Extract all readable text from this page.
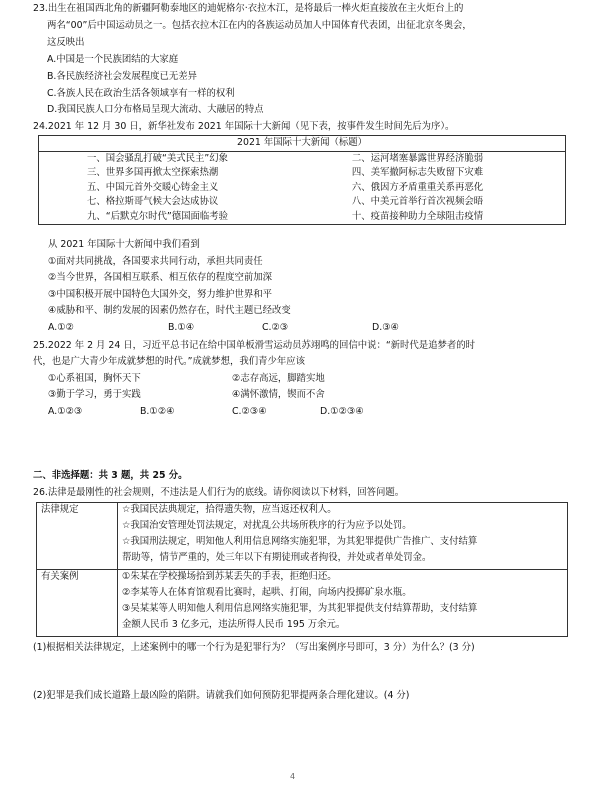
23.出生在祖国西北角的新疆阿勒泰地区的迪妮格尔·衣拉木江，是将最后一棒火炬直接放在主火炬台上的
两名“00”后中国运动员之一。包括衣拉木江在内的各族运动员加人中国体育代表团，出征北京冬奥会，
这反映出
A.中国是一个民族团结的大家庭
B.各民族经济社会发展程度已无差异
C.各族人民在政治生活各领域享有一样的权利
D.我国民族人口分布格局呈现大流动、大融居的特点
24.2021 年 12 月 30 日，新华社发布 2021 年国际十大新闻（见下表，按事件发生时间先后为序）。
2021 年国际十大新闻（标题）	
一、国会骚乱打破“美式民主”幻象	二、运河堵塞暴露世界经济脆弱
三、世界多国再掀太空探索热潮	四、美军撤阿标志失败留下灾难
五、中国元首外交暖心铸金主义	六、俄因方矛盾重重关系再恶化
七、格拉斯哥气候大会达成协议	八、中美元首举行首次视频会晤
九、“后默克尔时代”德国面临考验	十、疫苗接种助力全球阻击疫情
从 2021 年国际十大新闻中我们看到
①面对共同挑战，各国要求共同行动，承担共同责任
②当今世界，各国相互联系、相互依存的程度空前加深
③中国积极开展中国特色大国外交，努力维护世界和平
④威胁和平、制约发展的因素仍然存在，时代主题已经改变
A.①②	B.①④	C.②③	D.③④
25.2022 年 2 月 24 日，习近平总书记在给中国单板滑雪运动员苏翊鸣的回信中说：“新时代是追梦者的时
代，也是广大青少年成就梦想的时代。”成就梦想，我们青少年应该
①心系祖国，胸怀天下	②志存高远，脚踏实地
③勤于学习，勇于实践	④满怀激情，锲而不舍
A.①②③	B.①②④	C.②③④	D.①②③④
二、非选择题：共 3 题，共 25 分。
26.法律是最刚性的社会规则，不违法是人们行为的底线。请你阅读以下材料，回答问题。
法律规定	☆我国民法典规定，拾得遗失物，应当返还权利人。
☆我国治安管理处罚法规定，对扰乱公共场所秩序的行为应予以处罚。
☆我国刑法规定，明知他人利用信息网络实施犯罪，为其犯罪提供广告推广、支付结算
帮助等，情节严重的，处三年以下有期徒刑或者拘役，并处或者单处罚金。

有关案例	①朱某在学校操场拾到苏某丢失的手表，拒绝归还。
②李某等人在体育馆观看比赛时，起哄、打闹，向场内投掷矿泉水瓶。
③吴某某等人明知他人利用信息网络实施犯罪，为其犯罪提供支付结算帮助，支付结算
金额人民币 3 亿多元，违法所得人民币 195 万余元。
(1)根据相关法律规定，上述案例中的哪一个行为是犯罪行为？（写出案例序号即可，3 分）为什么？(3 分)
(2)犯罪是我们成长道路上最凶险的陷阱。请就我们如何预防犯罪提两条合理化建议。(4 分)
4
